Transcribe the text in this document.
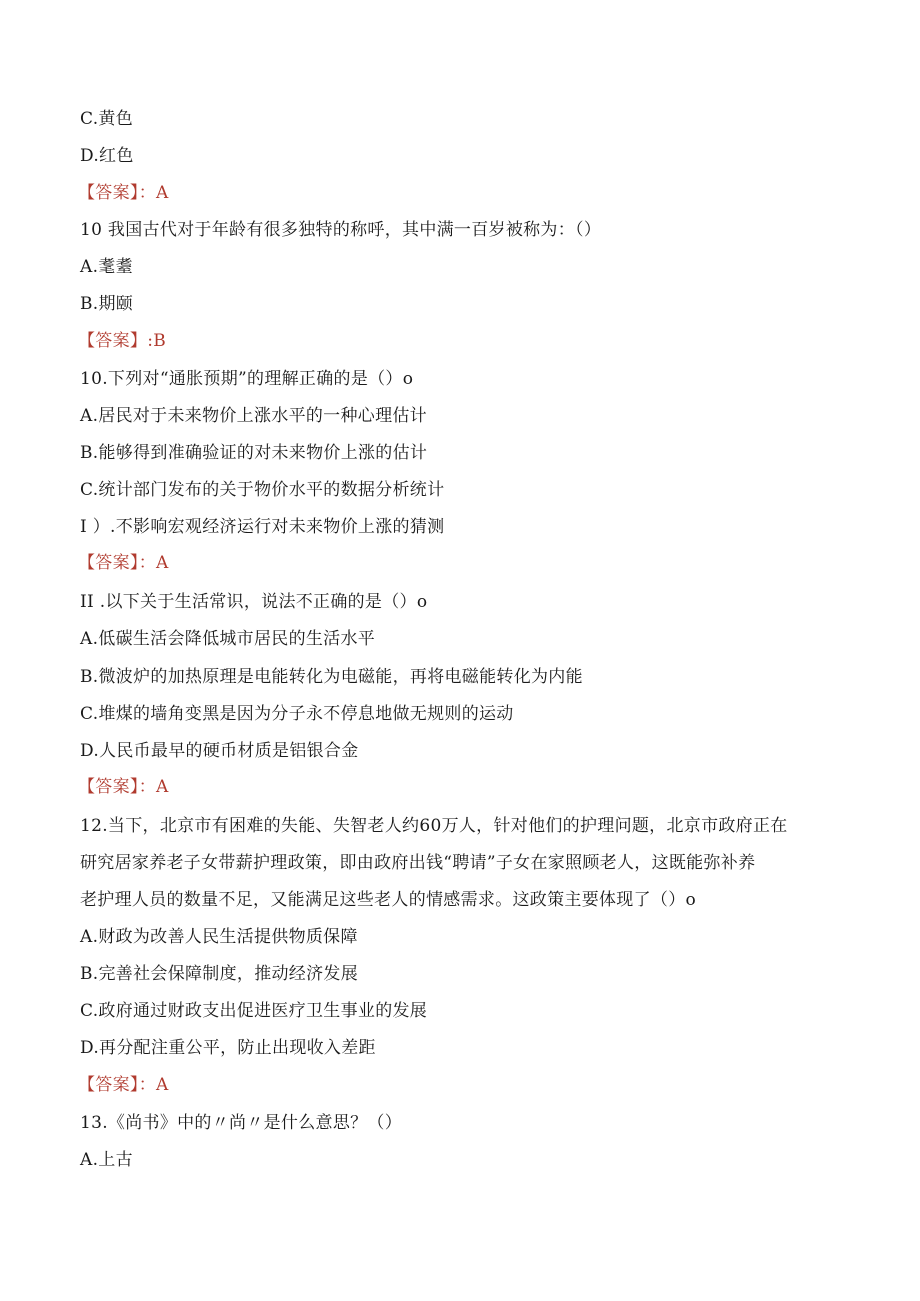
C.黄色
D.红色
【答案】：A
10 我国古代对于年龄有很多独特的称呼，其中满一百岁被称为：（）
A.耄耋
B.期颐
【答案】:B
10.下列对“通胀预期”的理解正确的是（）o
A.居民对于未来物价上涨水平的一种心理估计
B.能够得到准确验证的对未来物价上涨的估计
C.统计部门发布的关于物价水平的数据分析统计
I ）.不影响宏观经济运行对未来物价上涨的猜测
【答案】：A
II .以下关于生活常识，说法不正确的是（）o
A.低碳生活会降低城市居民的生活水平
B.微波炉的加热原理是电能转化为电磁能，再将电磁能转化为内能
C.堆煤的墙角变黑是因为分子永不停息地做无规则的运动
D.人民币最早的硬币材质是铝银合金
【答案】：A
12.当下，北京市有困难的失能、失智老人约60万人，针对他们的护理问题，北京市政府正在
研究居家养老子女带薪护理政策，即由政府出钱“聘请”子女在家照顾老人，这既能弥补养
老护理人员的数量不足，又能满足这些老人的情感需求。这政策主要体现了（）o
A.财政为改善人民生活提供物质保障
B.完善社会保障制度，推动经济发展
C.政府通过财政支出促进医疗卫生事业的发展
D.再分配注重公平，防止出现收入差距
【答案】：A
13.《尚书》中的〃尚〃是什么意思？（）
A.上古
